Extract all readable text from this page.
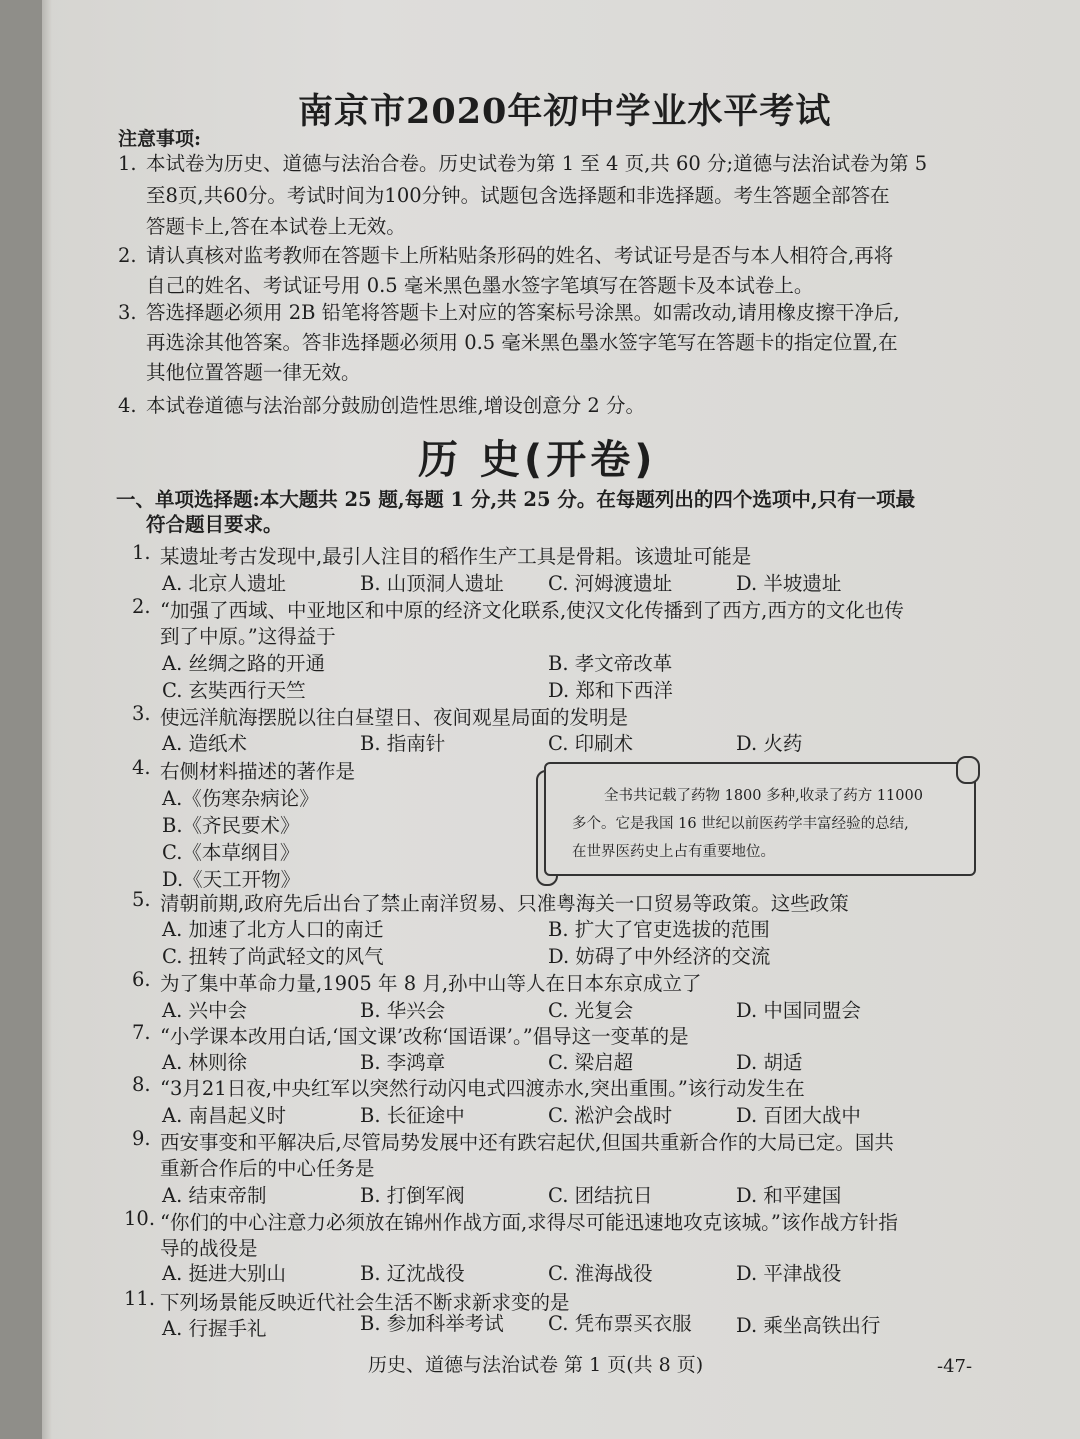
南京市2020年初中学业水平考试
注意事项:
1. 本试卷为历史、道德与法治合卷。历史试卷为第 1 至 4 页,共 60 分;道德与法治试卷为第 5
至8页,共60分。考试时间为100分钟。试题包含选择题和非选择题。考生答题全部答在
答题卡上,答在本试卷上无效。
2. 请认真核对监考教师在答题卡上所粘贴条形码的姓名、考试证号是否与本人相符合,再将
自己的姓名、考试证号用 0.5 毫米黑色墨水签字笔填写在答题卡及本试卷上。
3. 答选择题必须用 2B 铅笔将答题卡上对应的答案标号涂黑。如需改动,请用橡皮擦干净后,
再选涂其他答案。答非选择题必须用 0.5 毫米黑色墨水签字笔写在答题卡的指定位置,在
其他位置答题一律无效。
4. 本试卷道德与法治部分鼓励创造性思维,增设创意分 2 分。
历 史(开卷)
一、单项选择题:本大题共 25 题,每题 1 分,共 25 分。在每题列出的四个选项中,只有一项最
符合题目要求。
1. 某遗址考古发现中,最引人注目的稻作生产工具是骨耜。该遗址可能是
A. 北京人遗址	B. 山顶洞人遗址 C. 河姆渡遗址	D. 半坡遗址
2. “加强了西域、中亚地区和中原的经济文化联系,使汉文化传播到了西方,西方的文化也传
到了中原。”这得益于
A. 丝绸之路的开通	B. 孝文帝改革
C. 玄奘西行天竺	D. 郑和下西洋
3. 使远洋航海摆脱以往白昼望日、夜间观星局面的发明是
A. 造纸术	B. 指南针	C. 印刷术	D. 火药
4. 右侧材料描述的著作是
A.《伤寒杂病论》
B.《齐民要术》
C.《本草纲目》
D.《天工开物》
全书共记载了药物 1800 多种,收录了药方 11000
多个。它是我国 16 世纪以前医药学丰富经验的总结,
在世界医药史上占有重要地位。
5. 清朝前期,政府先后出台了禁止南洋贸易、只准粤海关一口贸易等政策。这些政策
A. 加速了北方人口的南迁	B. 扩大了官吏选拔的范围
C. 扭转了尚武轻文的风气	D. 妨碍了中外经济的交流
6. 为了集中革命力量,1905 年 8 月,孙中山等人在日本东京成立了
A. 兴中会	B. 华兴会	C. 光复会	D. 中国同盟会
7. “小学课本改用白话,‘国文课’改称‘国语课’。”倡导这一变革的是
A. 林则徐	B. 李鸿章	C. 梁启超	D. 胡适
8. “3月21日夜,中央红军以突然行动闪电式四渡赤水,突出重围。”该行动发生在
A. 南昌起义时	B. 长征途中	C. 淞沪会战时	D. 百团大战中
9. 西安事变和平解决后,尽管局势发展中还有跌宕起伏,但国共重新合作的大局已定。国共
重新合作后的中心任务是
A. 结束帝制	B. 打倒军阀	C. 团结抗日	D. 和平建国
10. “你们的中心注意力必须放在锦州作战方面,求得尽可能迅速地攻克该城。”该作战方针指
导的战役是
A. 挺进大别山	B. 辽沈战役	C. 淮海战役	D. 平津战役
11. 下列场景能反映近代社会生活不断求新求变的是
A. 行握手礼	B. 参加科举考试 C. 凭布票买衣服 D. 乘坐高铁出行
历史、道德与法治试卷 第 1 页(共 8 页)	-47-
